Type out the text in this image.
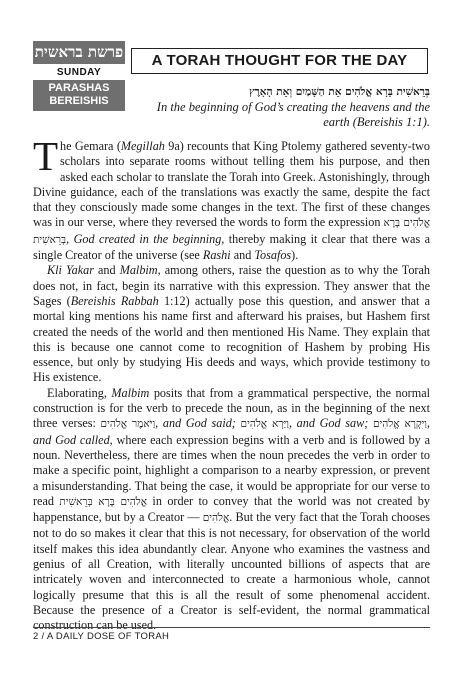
פרשת בראשית
SUNDAY
PARASHAS BEREISHIS
A TORAH THOUGHT FOR THE DAY
בְּרֵאשִׁית בָּרָא אֱלֹהִים אֵת הַשָּׁמַיִם וְאֵת הָאָרֶץ
In the beginning of God’s creating the heavens and the earth (Bereishis 1:1).

The Gemara (Megillah 9a) recounts that King Ptolemy gathered seventy-two scholars into separate rooms without telling them his purpose, and then asked each scholar to translate the Torah into Greek. Astonishingly, through Divine guidance, each of the translations was exactly the same, despite the fact that they consciously made some changes in the text. The first of these changes was in our verse, where they reversed the words to form the expression אֱלֹהִים בָּרָא בְּרֵאשִׁית, God created in the beginning, thereby making it clear that there was a single Creator of the universe (see Rashi and Tosafos).

Kli Yakar and Malbim, among others, raise the question as to why the Torah does not, in fact, begin its narrative with this expression. They answer that the Sages (Bereishis Rabbah 1:12) actually pose this question, and answer that a mortal king mentions his name first and afterward his praises, but Hashem first created the needs of the world and then mentioned His Name. They explain that this is because one cannot come to recognition of Hashem by probing His essence, but only by studying His deeds and ways, which provide testimony to His existence.

Elaborating, Malbim posits that from a grammatical perspective, the normal construction is for the verb to precede the noun, as in the beginning of the next three verses: וַיֹּאמֶר אֱלֹהִים, and God said; וַיַּרְא אֱלֹהִים, and God saw; וַיִּקְרָא אֱלֹהִים, and God called, where each expression begins with a verb and is followed by a noun. Nevertheless, there are times when the noun precedes the verb in order to make a specific point, highlight a comparison to a nearby expression, or prevent a misunderstanding. That being the case, it would be appropriate for our verse to read אֱלֹהִים בָּרָא בְּרֵאשִׁית in order to convey that the world was not created by happenstance, but by a Creator — אֱלֹהִים. But the very fact that the Torah chooses not to do so makes it clear that this is not necessary, for observation of the world itself makes this idea abundantly clear. Anyone who examines the vastness and genius of all Creation, with literally uncounted billions of aspects that are intricately woven and interconnected to create a harmonious whole, cannot logically presume that this is all the result of some phenomenal accident. Because the presence of a Creator is self-evident, the normal grammatical construction can be used.

2 / A DAILY DOSE OF TORAH
